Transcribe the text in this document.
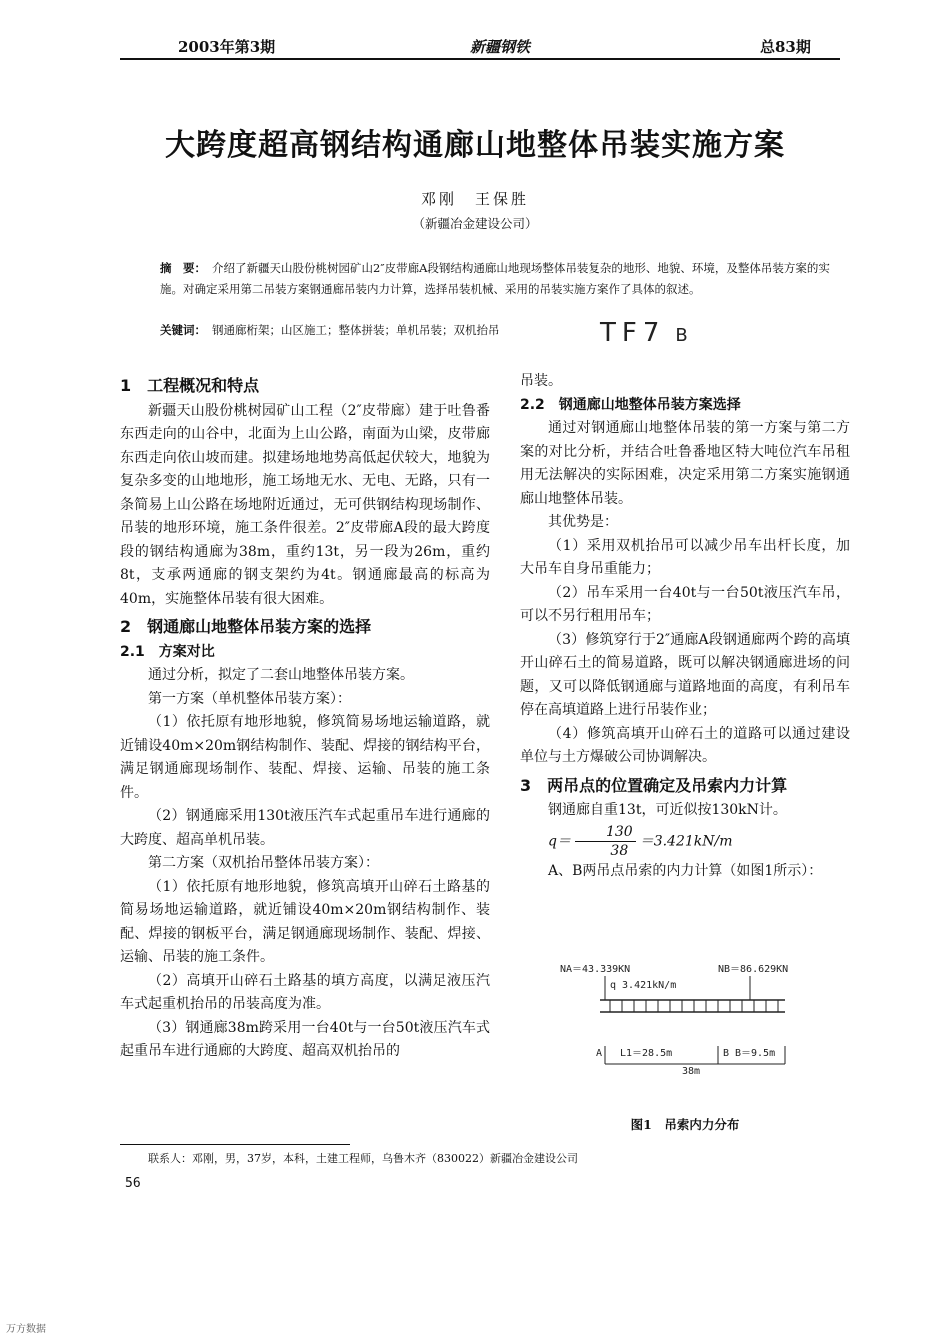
2003年第3期	新疆钢铁	总83期
大跨度超高钢结构通廊山地整体吊装实施方案
邓刚　王保胜
（新疆冶金建设公司）
摘　要： 介绍了新疆天山股份桃树园矿山2″皮带廊A段钢结构通廊山地现场整体吊装复杂的地形、地貌、环境，及整体吊装方案的实施。对确定采用第二吊装方案钢通廊吊装内力计算，选择吊装机械、采用的吊装实施方案作了具体的叙述。
关键词： 钢通廊桁架；山区施工；整体拼装；单机吊装；双机抬吊	TF7 B

1　工程概况和特点

新疆天山股份桃树园矿山工程（2″皮带廊）建于吐鲁番东西走向的山谷中，北面为上山公路，南面为山梁，皮带廊东西走向依山坡而建。拟建场地地势高低起伏较大，地貌为复杂多变的山地地形，施工场地无水、无电、无路，只有一条简易上山公路在场地附近通过，无可供钢结构现场制作、吊装的地形环境，施工条件很差。2″皮带廊A段的最大跨度段的钢结构通廊为38m，重约13t，另一段为26m，重约8t，支承两通廊的钢支架约为4t。钢通廊最高的标高为40m，实施整体吊装有很大困难。

2　钢通廊山地整体吊装方案的选择

2.1　方案对比

通过分析，拟定了二套山地整体吊装方案。

第一方案（单机整体吊装方案）：

（1）依托原有地形地貌，修筑简易场地运输道路，就近铺设40m×20m钢结构制作、装配、焊接的钢结构平台，满足钢通廊现场制作、装配、焊接、运输、吊装的施工条件。

（2）钢通廊采用130t液压汽车式起重吊车进行通廊的大跨度、超高单机吊装。

第二方案（双机抬吊整体吊装方案）：

（1）依托原有地形地貌，修筑高填开山碎石土路基的简易场地运输道路，就近铺设40m×20m钢结构制作、装配、焊接的钢板平台，满足钢通廊现场制作、装配、焊接、运输、吊装的施工条件。

（2）高填开山碎石土路基的填方高度，以满足液压汽车式起重机抬吊的吊装高度为准。

（3）钢通廊38m跨采用一台40t与一台50t液压汽车式起重吊车进行通廊的大跨度、超高双机抬吊的

吊装。

2.2　钢通廊山地整体吊装方案选择

通过对钢通廊山地整体吊装的第一方案与第二方案的对比分析，并结合吐鲁番地区特大吨位汽车吊租用无法解决的实际困难，决定采用第二方案实施钢通廊山地整体吊装。

其优势是：

（1）采用双机抬吊可以减少吊车出杆长度，加大吊车自身吊重能力；

（2）吊车采用一台40t与一台50t液压汽车吊，可以不另行租用吊车；

（3）修筑穿行于2″通廊A段钢通廊两个跨的高填开山碎石土的简易道路，既可以解决钢通廊进场的问题，又可以降低钢通廊与道路地面的高度，有利吊车停在高填道路上进行吊装作业；

（4）修筑高填开山碎石土的道路可以通过建设单位与土方爆破公司协调解决。

3　两吊点的位置确定及吊索内力计算

钢通廊自重13t，可近似按130kN计。

$q= \frac{130}{38} =3.421kN/m$

A、B两吊点吊索的内力计算（如图1所示）：

NA＝43.339KN	NB＝86.629KN
q 3.421kN/m
A	B
L1＝28.5m	B＝9.5m
38m
图1　吊索内力分布
联系人：邓刚，男，37岁，本科，土建工程师，乌鲁木齐（830022）新疆冶金建设公司
56
万方数据
